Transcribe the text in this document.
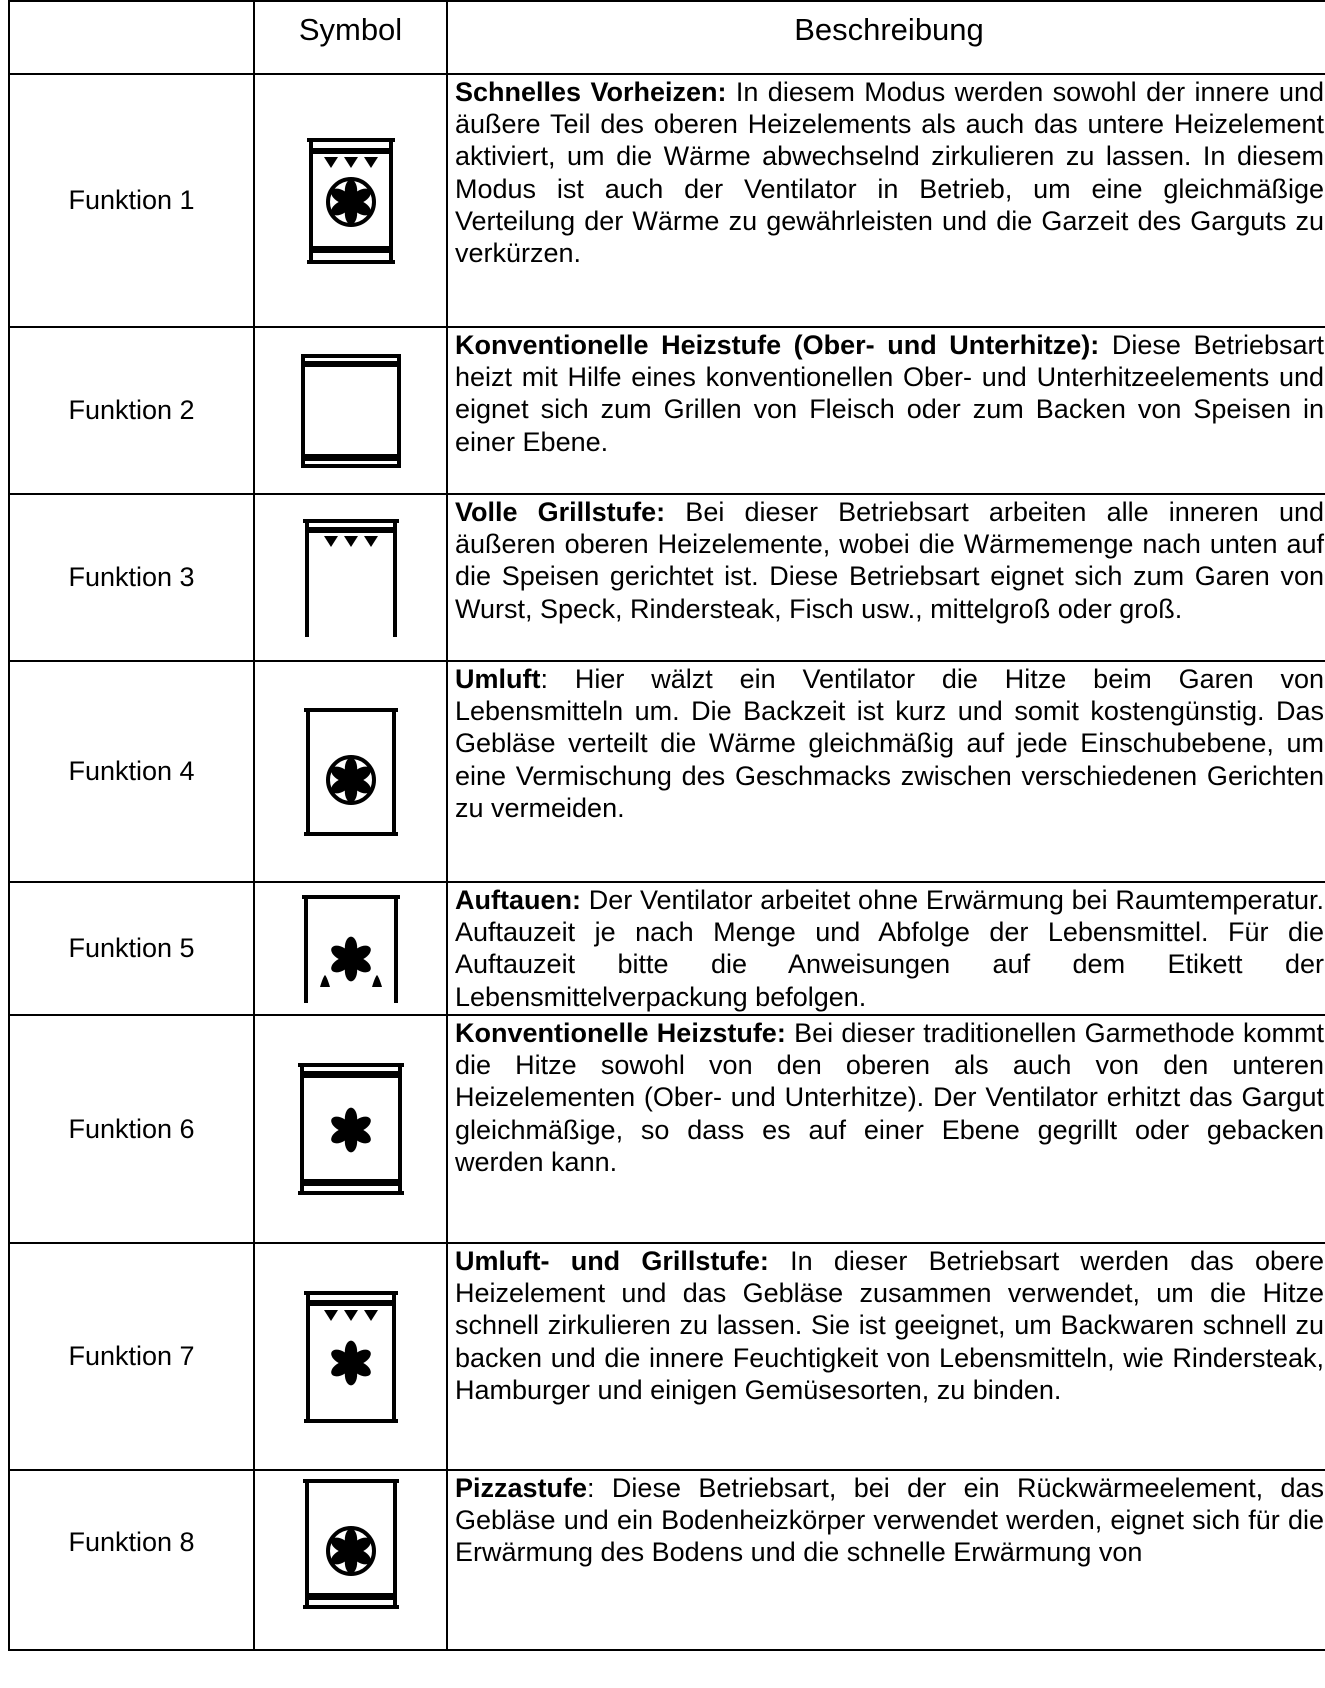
	Symbol	Beschreibung
Funktion 1		Schnelles Vorheizen: In diesem Modus werden sowohl der innere und äußere Teil des oberen Heizelements als auch das untere Heizelement aktiviert, um die Wärme abwechselnd zirkulieren zu lassen. In diesem Modus ist auch der Ventilator in Betrieb, um eine gleichmäßige Verteilung der Wärme zu gewährleisten und die Garzeit des Garguts zu verkürzen.
Funktion 2		Konventionelle Heizstufe (Ober- und Unterhitze): Diese Betriebsart heizt mit Hilfe eines konventionellen Ober- und Unterhitzeelements und eignet sich zum Grillen von Fleisch oder zum Backen von Speisen in einer Ebene.
Funktion 3		Volle Grillstufe: Bei dieser Betriebsart arbeiten alle inneren und äußeren oberen Heizelemente, wobei die Wärmemenge nach unten auf die Speisen gerichtet ist. Diese Betriebsart eignet sich zum Garen von Wurst, Speck, Rindersteak, Fisch usw., mittelgroß oder groß.
Funktion 4		Umluft: Hier wälzt ein Ventilator die Hitze beim Garen von Lebensmitteln um. Die Backzeit ist kurz und somit kostengünstig. Das Gebläse verteilt die Wärme gleichmäßig auf jede Einschubebene, um eine Vermischung des Geschmacks zwischen verschiedenen Gerichten zu vermeiden.
Funktion 5		Auftauen: Der Ventilator arbeitet ohne Erwärmung bei Raumtemperatur. Auftauzeit je nach Menge und Abfolge der Lebensmittel. Für die Auftauzeit bitte die Anweisungen auf dem Etikett der Lebensmittelverpackung befolgen.
Funktion 6		Konventionelle Heizstufe: Bei dieser traditionellen Garmethode kommt die Hitze sowohl von den oberen als auch von den unteren Heizelementen (Ober- und Unterhitze). Der Ventilator erhitzt das Gargut gleichmäßige, so dass es auf einer Ebene gegrillt oder gebacken werden kann.
Funktion 7		Umluft- und Grillstufe: In dieser Betriebsart werden das obere Heizelement und das Gebläse zusammen verwendet, um die Hitze schnell zirkulieren zu lassen. Sie ist geeignet, um Backwaren schnell zu backen und die innere Feuchtigkeit von Lebensmitteln, wie Rindersteak, Hamburger und einigen Gemüsesorten, zu binden.
Funktion 8		Pizzastufe: Diese Betriebsart, bei der ein Rückwärmeelement, das Gebläse und ein Bodenheizkörper verwendet werden, eignet sich für die Erwärmung des Bodens und die schnelle Erwärmung von
